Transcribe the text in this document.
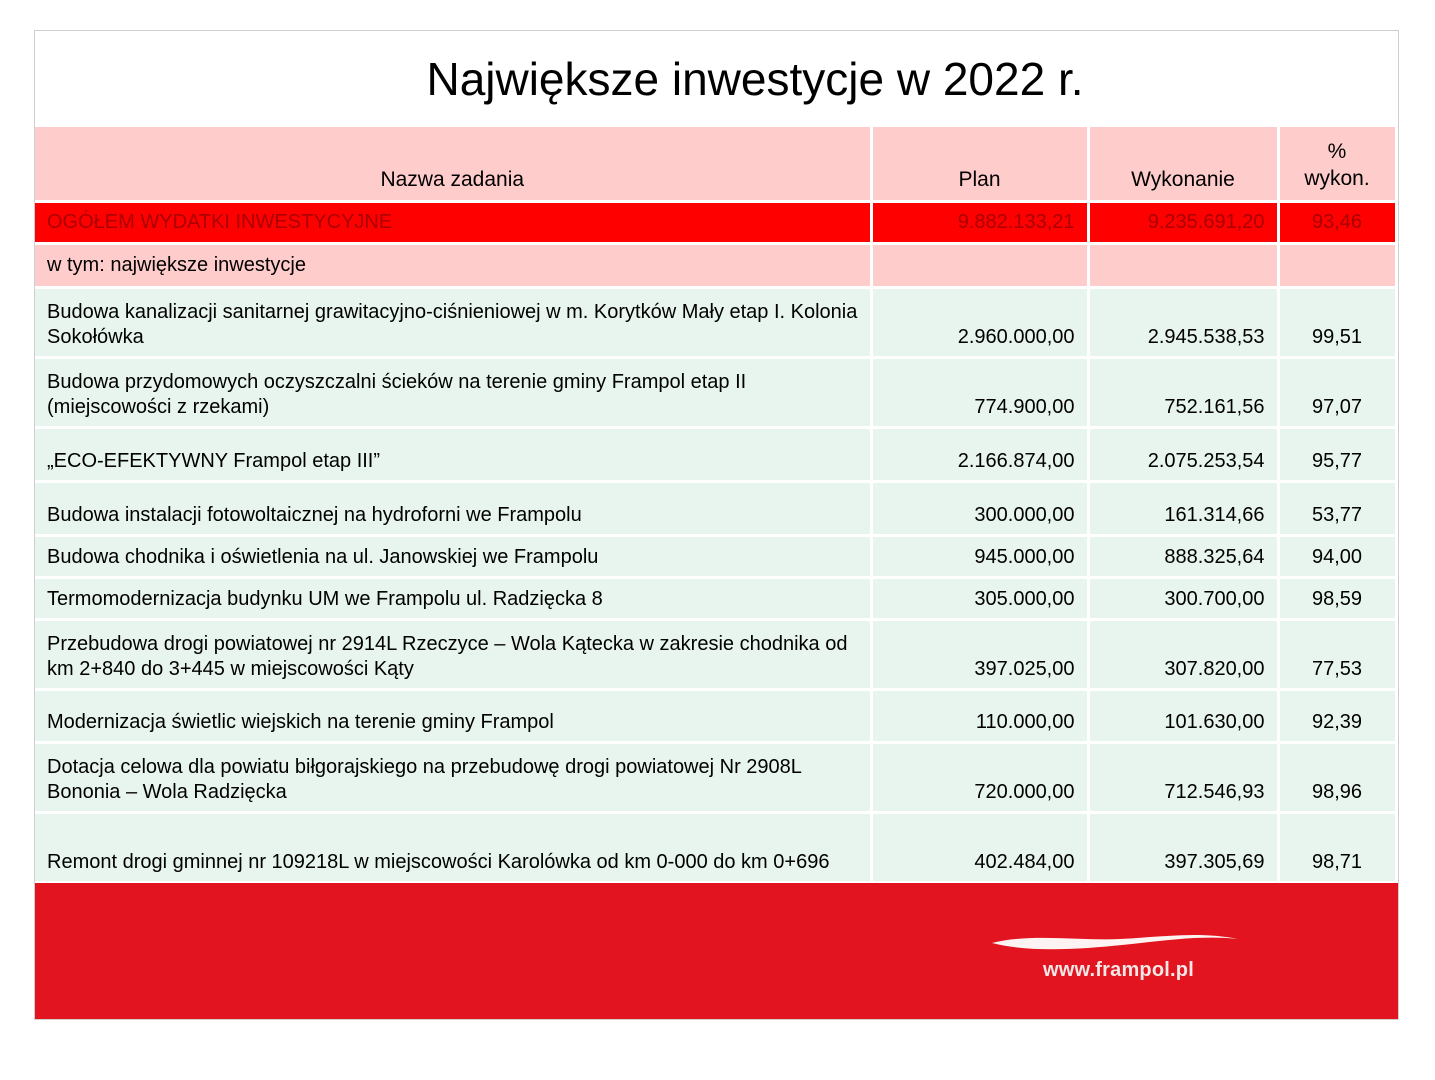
Największe inwestycje w 2022 r.
Nazwa zadania	Plan	Wykonanie	%
wykon.
OGÓŁEM WYDATKI INWESTYCYJNE	9.882.133,21	9.235.691,20	93,46
w tym: największe inwestycje			
Budowa kanalizacji sanitarnej grawitacyjno-ciśnieniowej w m. Korytków Mały etap I. Kolonia Sokołówka	2.960.000,00	2.945.538,53	99,51
Budowa przydomowych oczyszczalni ścieków na terenie gminy Frampol etap II (miejscowości z rzekami)	774.900,00	752.161,56	97,07
„ECO-EFEKTYWNY Frampol etap III”	2.166.874,00	2.075.253,54	95,77
Budowa instalacji fotowoltaicznej na hydroforni we Frampolu	300.000,00	161.314,66	53,77
Budowa chodnika i oświetlenia na ul. Janowskiej we Frampolu	945.000,00	888.325,64	94,00
Termomodernizacja budynku UM we Frampolu ul. Radzięcka 8	305.000,00	300.700,00	98,59
Przebudowa drogi powiatowej nr 2914L Rzeczyce – Wola Kątecka w zakresie chodnika od km 2+840 do 3+445 w miejscowości Kąty	397.025,00	307.820,00	77,53
Modernizacja świetlic wiejskich na terenie gminy Frampol	110.000,00	101.630,00	92,39
Dotacja celowa dla powiatu biłgorajskiego na przebudowę drogi powiatowej Nr 2908L Bononia – Wola Radzięcka	720.000,00	712.546,93	98,96
Remont drogi gminnej nr 109218L w miejscowości Karolówka od km 0-000 do km 0+696	402.484,00	397.305,69	98,71
www.frampol.pl
